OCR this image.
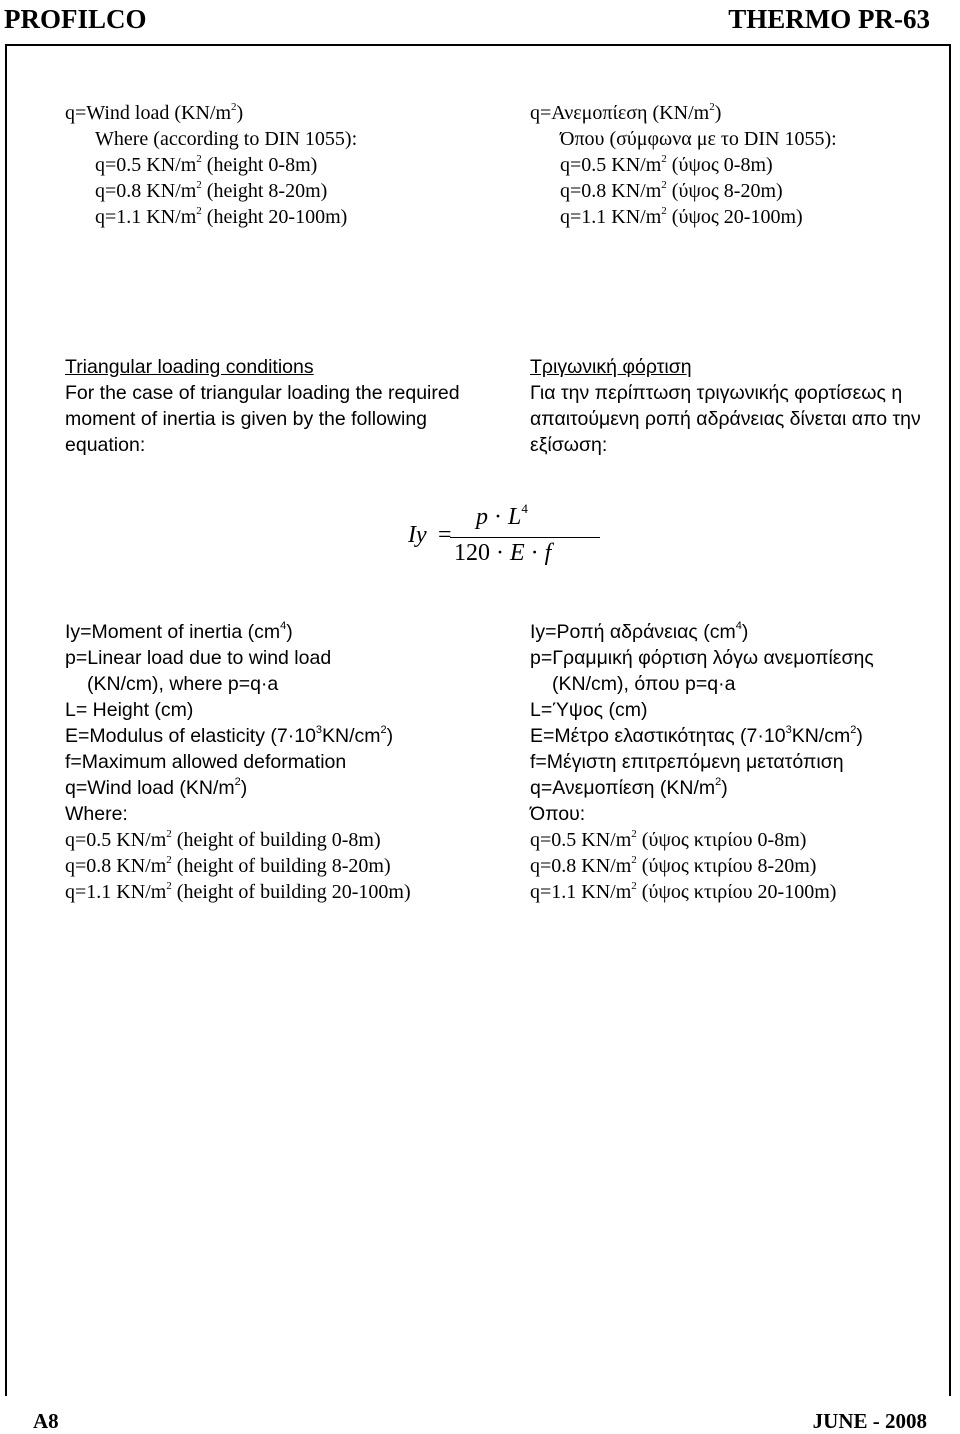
PROFILCO	THERMO PR-63
q=Wind load $(KN/m^2)$
Where (according to DIN 1055):
q=0.5 $KN/m^2$ (height 0-8m)
q=0.8 $KN/m^2$ (height 8-20m)
q=1.1 $KN/m^2$ (height 20-100m)
q=Ανεμοπίεση $(KN/m^2)$
Όπου (σύμφωνα με το DIN 1055):
q=0.5 $KN/m^2$ (ύψος 0-8m)
q=0.8 $KN/m^2$ (ύψος 8-20m)
q=1.1 $KN/m^2$ (ύψος 20-100m)
Triangular loading conditions
For the case of triangular loading the required
moment of inertia is given by the following
equation:
Τριγωνική φόρτιση
Για την περίπτωση τριγωνικής φορτίσεως η
απαιτούμενη ροπή αδράνειας δίνεται απο την
εξίσωση:
Iy =
$p \cdot L^4$
120 · E · f
Iy=Moment of inertia $(cm^4)$
p=Linear load due to wind load
(KN/cm), where p=q·a
L= Height (cm)
E=Modulus of elasticity $(7\cdot 10^3KN/cm^2)$
f=Maximum allowed deformation
q=Wind load $(KN/m^2)$
Where:
q=0.5 $KN/m^2$ (height of building 0-8m)
q=0.8 $KN/m^2$ (height of building 8-20m)
q=1.1 $KN/m^2$ (height of building 20-100m)
Iy=Ροπή αδράνειας $(cm^4)$
p=Γραμμική φόρτιση λόγω ανεμοπίεσης
(KN/cm), όπου p=q·a
L=Ύψος (cm)
E=Μέτρο ελαστικότητας $(7\cdot 10^3KN/cm^2)$
f=Μέγιστη επιτρεπόμενη μετατόπιση
q=Ανεμοπίεση $(KN/m^2)$
Όπου:
q=0.5 $KN/m^2$ (ύψος κτιρίου 0-8m)
q=0.8 $KN/m^2$ (ύψος κτιρίου 8-20m)
q=1.1 $KN/m^2$ (ύψος κτιρίου 20-100m)
A8	JUNE - 2008
